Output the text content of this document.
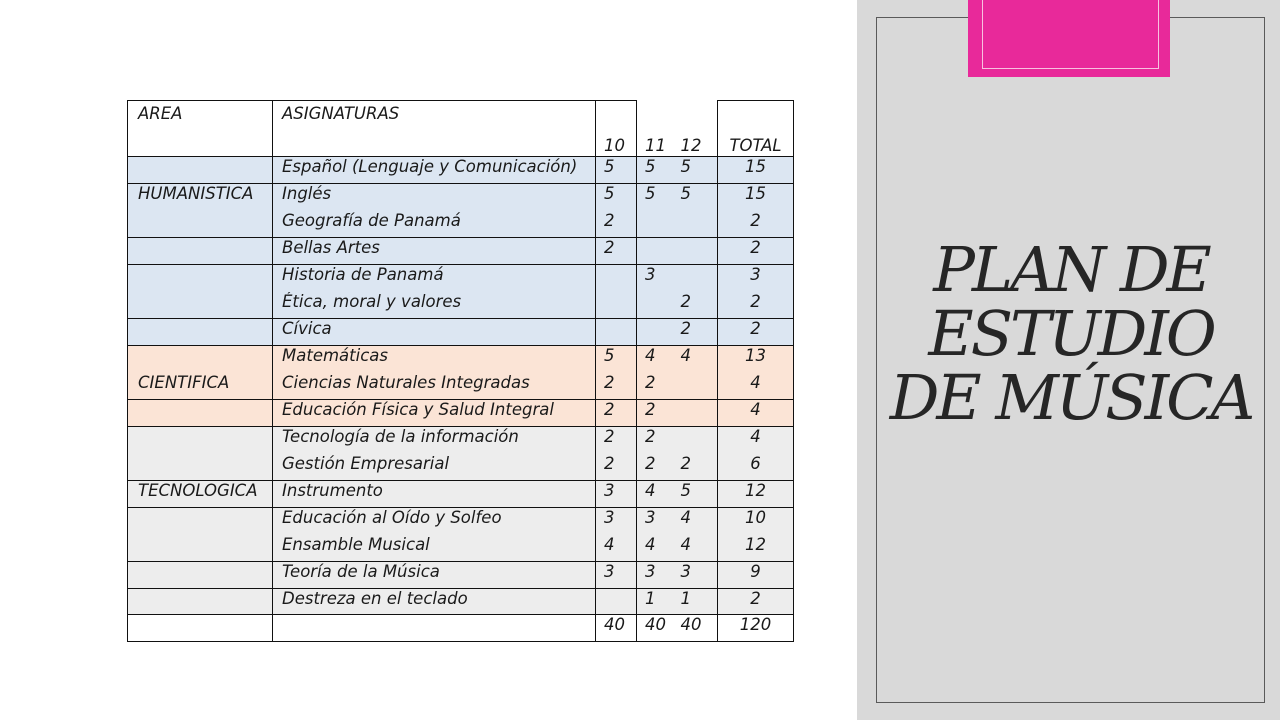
AREA	ASIGNATURAS	10	11	12	TOTAL
	Español (Lenguaje y Comunicación)	5	5	5	15
HUMANISTICA	Inglés	5	5	5	15
	Geografía de Panamá	2			2
	Bellas Artes	2			2
	Historia de Panamá		3		3
	Ética, moral y valores			2	2
	Cívica			2	2
	Matemáticas	5	4	4	13
CIENTIFICA	Ciencias Naturales Integradas	2	2		4
	Educación Física y Salud Integral	2	2		4
	Tecnología de la información	2	2		4
	Gestión Empresarial	2	2	2	6
TECNOLOGICA	Instrumento	3	4	5	12
	Educación al Oído y Solfeo	3	3	4	10
	Ensamble Musical	4	4	4	12
	Teoría de la Música	3	3	3	9
	Destreza en el teclado		1	1	2
		40	40	40	120
PLAN DE
ESTUDIO
DE MÚSICA
